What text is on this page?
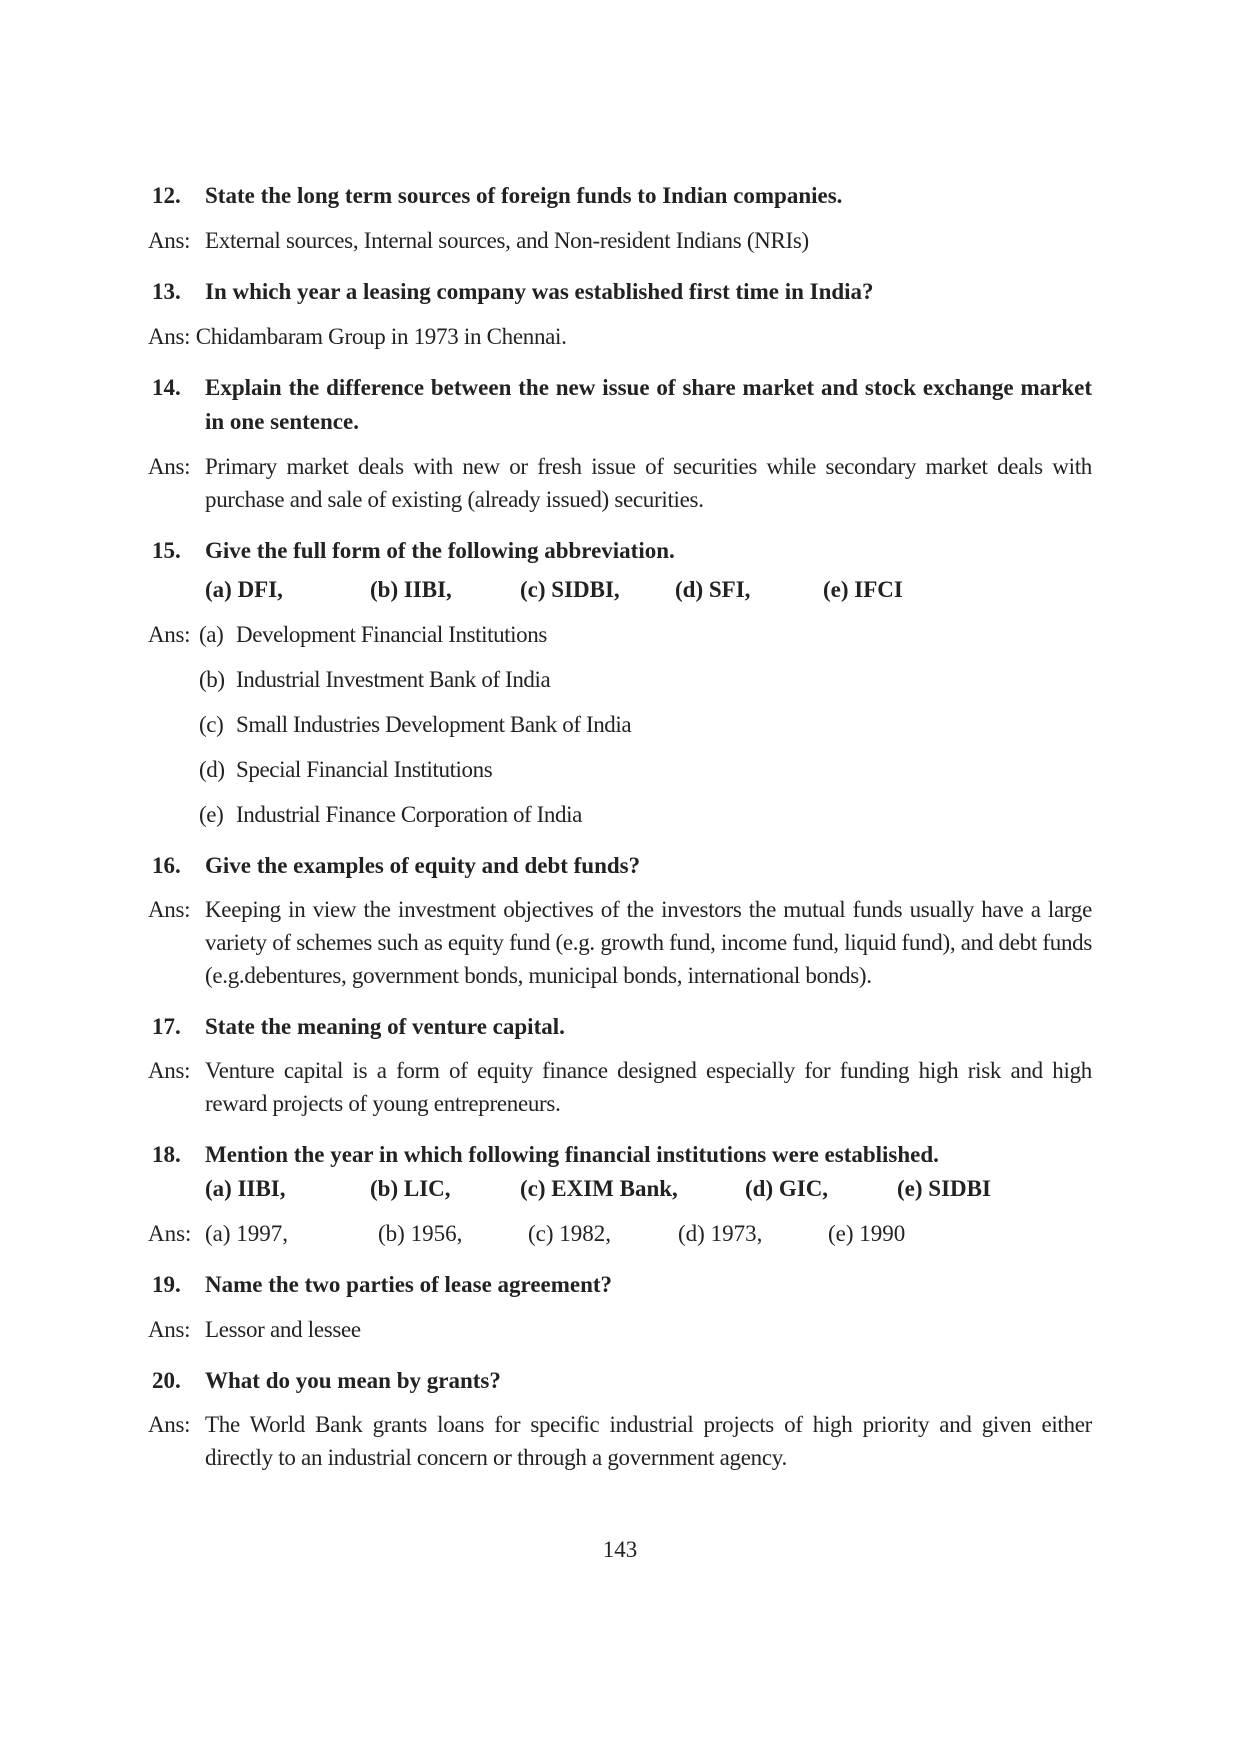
12.	State the long term sources of foreign funds to Indian companies.
Ans: External sources, Internal sources, and Non-resident Indians (NRIs)
13.	In which year a leasing company was established first time in India?
Ans: Chidambaram Group in 1973 in Chennai.
14.	Explain the difference between the new issue of share market and stock exchange market in one sentence.
Ans: Primary market deals with new or fresh issue of securities while secondary market deals with purchase and sale of existing (already issued) securities.
15.	Give the full form of the following abbreviation.
(a) DFI,	(b) IIBI,	(c) SIDBI, (d) SFI,	(e) IFCI
Ans: (a) Development Financial Institutions
(b) Industrial Investment Bank of India
(c) Small Industries Development Bank of India
(d) Special Financial Institutions
(e) Industrial Finance Corporation of India
16.	Give the examples of equity and debt funds?
Ans: Keeping in view the investment objectives of the investors the mutual funds usually have a large variety of schemes such as equity fund (e.g. growth fund, income fund, liquid fund), and debt funds (e.g.debentures, government bonds, municipal bonds, international bonds).
17.	State the meaning of venture capital.
Ans: Venture capital is a form of equity finance designed especially for funding high risk and high reward projects of young entrepreneurs.
18.	Mention the year in which following financial institutions were established.
(a) IIBI,	(b) LIC,	(c) EXIM Bank,	(d) GIC,	(e) SIDBI
Ans: (a) 1997,	(b) 1956,	(c) 1982,	(d) 1973,	(e) 1990
19.	Name the two parties of lease agreement?
Ans: Lessor and lessee
20.	What do you mean by grants?
Ans: The World Bank grants loans for specific industrial projects of high priority and given either directly to an industrial concern or through a government agency.
143
